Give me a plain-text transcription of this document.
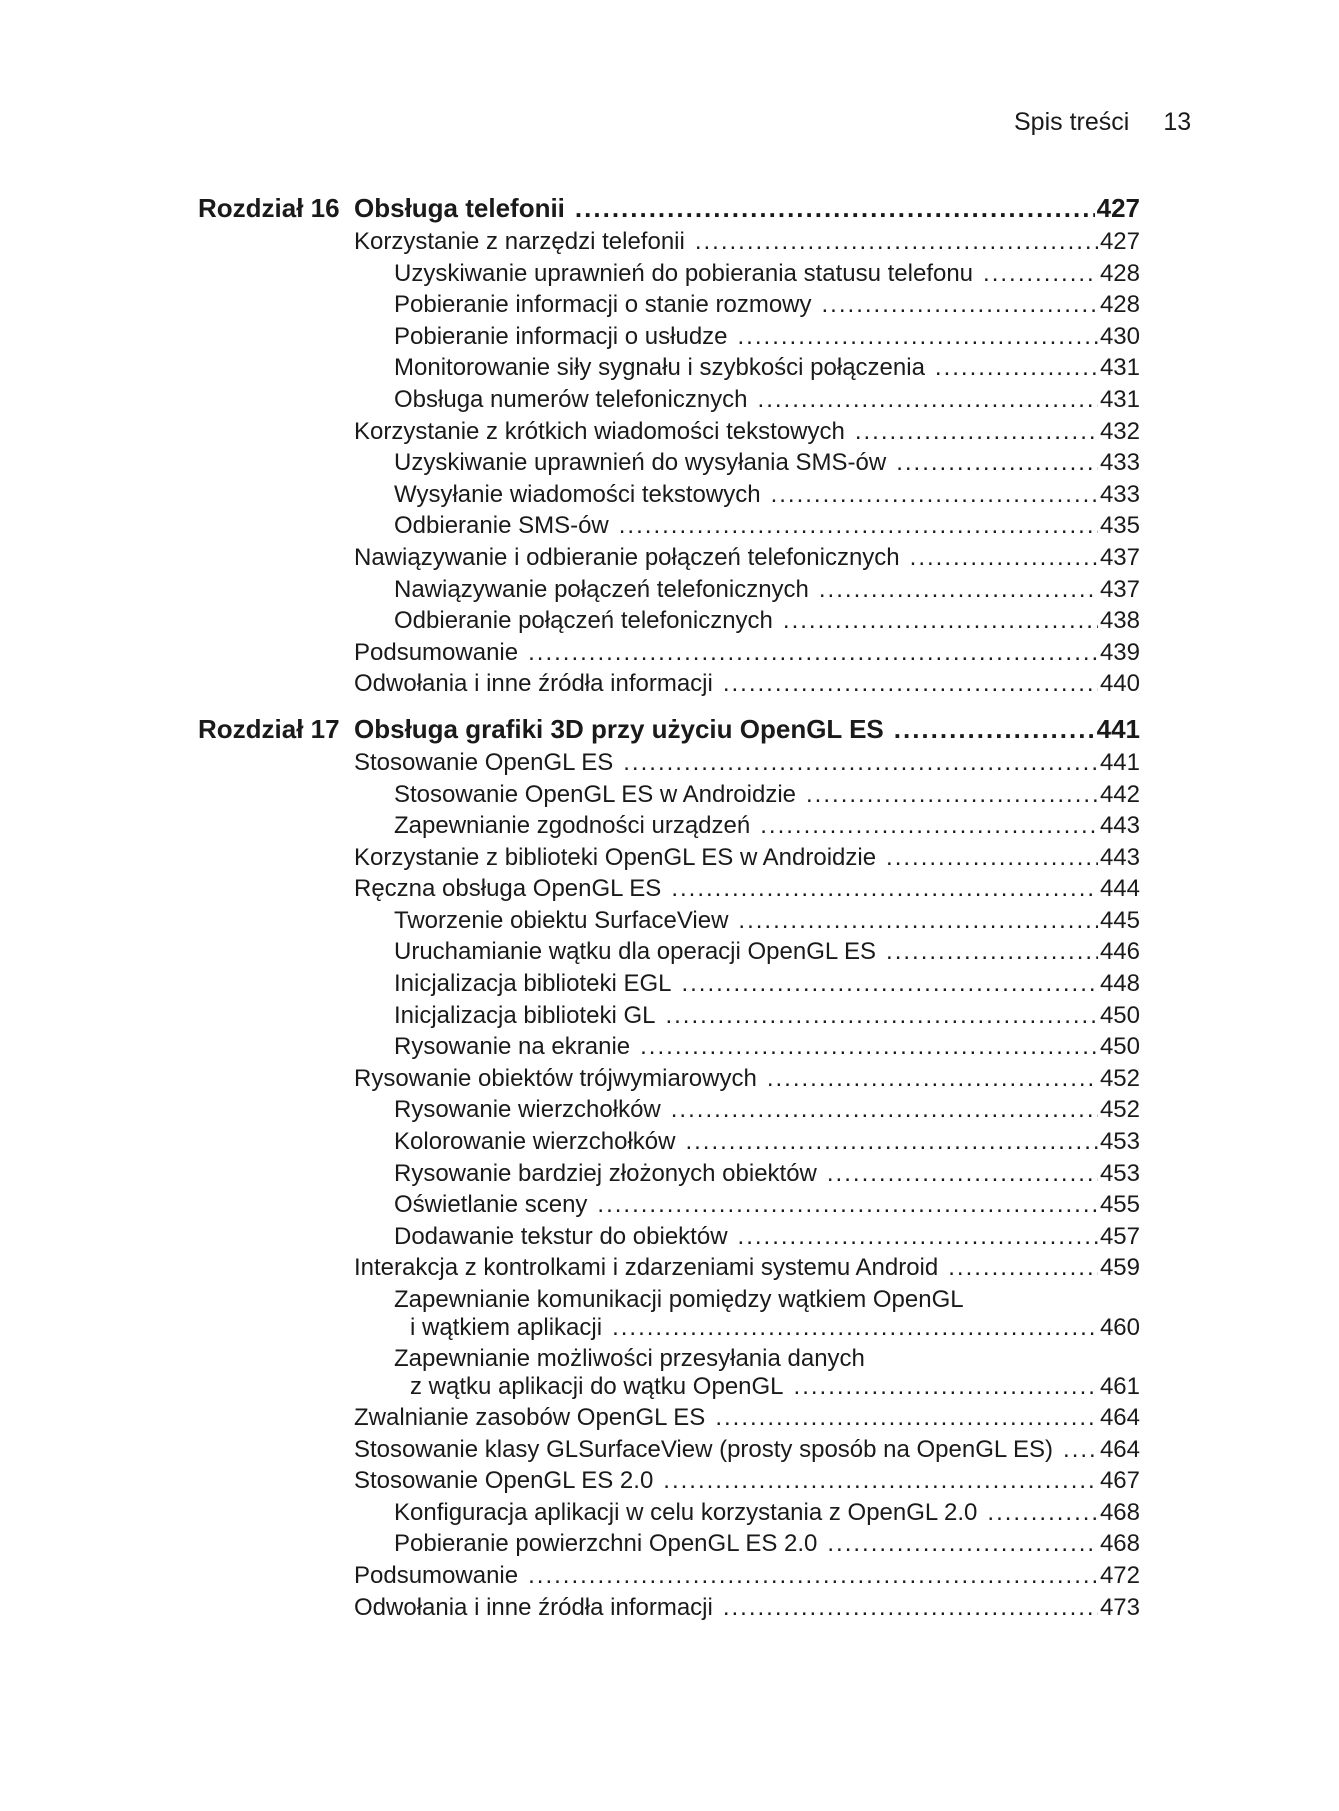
Spis treści 13
Rozdział 16 Obsługa telefonii .....	427
Korzystanie z narzędzi telefonii .....	427
Uzyskiwanie uprawnień do pobierania statusu telefonu .....	428
Pobieranie informacji o stanie rozmowy .....	428
Pobieranie informacji o usłudze .....	430
Monitorowanie siły sygnału i szybkości połączenia .....	431
Obsługa numerów telefonicznych .....	431
Korzystanie z krótkich wiadomości tekstowych .....	432
Uzyskiwanie uprawnień do wysyłania SMS-ów .....	433
Wysyłanie wiadomości tekstowych .....	433
Odbieranie SMS-ów .....	435
Nawiązywanie i odbieranie połączeń telefonicznych .....	437
Nawiązywanie połączeń telefonicznych .....	437
Odbieranie połączeń telefonicznych .....	438
Podsumowanie .....	439
Odwołania i inne źródła informacji .....	440
Rozdział 17 Obsługa grafiki 3D przy użyciu OpenGL ES .....	441
Stosowanie OpenGL ES .....	441
Stosowanie OpenGL ES w Androidzie .....	442
Zapewnianie zgodności urządzeń .....	443
Korzystanie z biblioteki OpenGL ES w Androidzie .....	443
Ręczna obsługa OpenGL ES .....	444
Tworzenie obiektu SurfaceView .....	445
Uruchamianie wątku dla operacji OpenGL ES .....	446
Inicjalizacja biblioteki EGL .....	448
Inicjalizacja biblioteki GL .....	450
Rysowanie na ekranie .....	450
Rysowanie obiektów trójwymiarowych .....	452
Rysowanie wierzchołków .....	452
Kolorowanie wierzchołków .....	453
Rysowanie bardziej złożonych obiektów .....	453
Oświetlanie sceny .....	455
Dodawanie tekstur do obiektów .....	457
Interakcja z kontrolkami i zdarzeniami systemu Android .....	459
Zapewnianie komunikacji pomiędzy wątkiem OpenGL
i wątkiem aplikacji .....	460
Zapewnianie możliwości przesyłania danych
z wątku aplikacji do wątku OpenGL .....	461
Zwalnianie zasobów OpenGL ES .....	464
Stosowanie klasy GLSurfaceView (prosty sposób na OpenGL ES) ..... 464
Stosowanie OpenGL ES 2.0 .....	467
Konfiguracja aplikacji w celu korzystania z OpenGL 2.0 .....	468
Pobieranie powierzchni OpenGL ES 2.0 .....	468
Podsumowanie .....	472
Odwołania i inne źródła informacji .....	473
